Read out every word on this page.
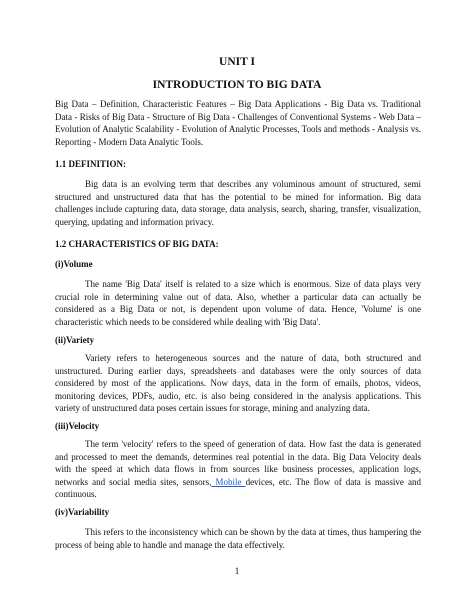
UNIT I
INTRODUCTION TO BIG DATA

Big Data – Definition, Characteristic Features – Big Data Applications - Big Data vs. Traditional Data - Risks of Big Data - Structure of Big Data - Challenges of Conventional Systems - Web Data – Evolution of Analytic Scalability - Evolution of Analytic Processes, Tools and methods - Analysis vs. Reporting - Modern Data Analytic Tools.

1.1 DEFINITION:

Big data is an evolving term that describes any voluminous amount of structured, semi structured and unstructured data that has the potential to be mined for information. Big data challenges include capturing data, data storage, data analysis, search, sharing, transfer, visualization, querying, updating and information privacy.

1.2 CHARACTERISTICS OF BIG DATA:

(i)Volume

The name 'Big Data' itself is related to a size which is enormous. Size of data plays very crucial role in determining value out of data. Also, whether a particular data can actually be considered as a Big Data or not, is dependent upon volume of data. Hence, 'Volume' is one characteristic which needs to be considered while dealing with 'Big Data'.

(ii)Variety

Variety refers to heterogeneous sources and the nature of data, both structured and unstructured. During earlier days, spreadsheets and databases were the only sources of data considered by most of the applications. Now days, data in the form of emails, photos, videos, monitoring devices, PDFs, audio, etc. is also being considered in the analysis applications. This variety of unstructured data poses certain issues for storage, mining and analyzing data.

(iii)Velocity

The term 'velocity' refers to the speed of generation of data. How fast the data is generated and processed to meet the demands, determines real potential in the data. Big Data Velocity deals with the speed at which data flows in from sources like business processes, application logs, networks and social media sites, sensors, Mobile devices, etc. The flow of data is massive and continuous.

(iv)Variability

This refers to the inconsistency which can be shown by the data at times, thus hampering the process of being able to handle and manage the data effectively.

1
